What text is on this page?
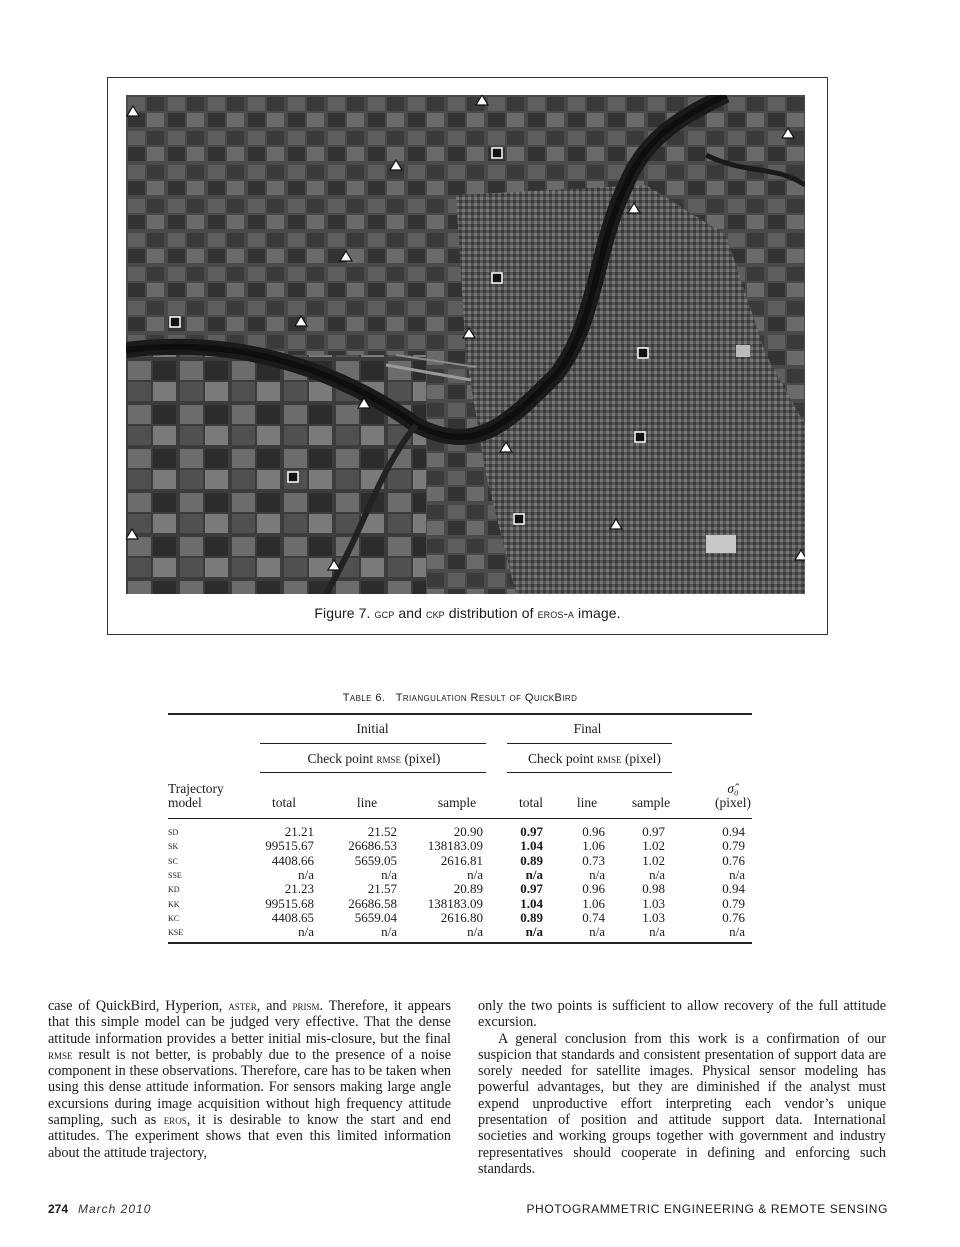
Figure 7. gcp and ckp distribution of eros-a image.
Table 6. Triangulation Result of QuickBird
Initial	Final
Check point rmse (pixel)	Check point rmse (pixel)
Trajectory
model	total	line	sample	total	line	sample
σ̂₀
(pixel)
sd	21.21	21.52	20.90	0.97	0.96	0.97	0.94
sk	99515.67	26686.53	138183.09	1.04	1.06	1.02	0.79
sc	4408.66	5659.05	2616.81	0.89	0.73	1.02	0.76
sse	n/a	n/a	n/a	n/a	n/a	n/a	n/a
kd	21.23	21.57	20.89	0.97	0.96	0.98	0.94
kk	99515.68	26686.58	138183.09	1.04	1.06	1.03	0.79
kc	4408.65	5659.04	2616.80	0.89	0.74	1.03	0.76
kse	n/a	n/a	n/a	n/a	n/a	n/a	n/a

case of QuickBird, Hyperion, aster, and prism. Therefore, it appears that this simple model can be judged very effective. That the dense attitude information provides a better initial mis-closure, but the final rmse result is not better, is probably due to the presence of a noise component in these observations. Therefore, care has to be taken when using this dense attitude information. For sensors making large angle excursions during image acquisition without high frequency attitude sampling, such as eros, it is desirable to know the start and end attitudes. The experiment shows that even this limited information about the attitude trajectory,

only the two points is sufficient to allow recovery of the full attitude excursion.

A general conclusion from this work is a confirmation of our suspicion that standards and consistent presentation of support data are sorely needed for satellite images. Physical sensor modeling has powerful advantages, but they are diminished if the analyst must expend unproductive effort interpreting each vendor’s unique presentation of position and attitude support data. International societies and working groups together with government and industry representatives should cooperate in defining and enforcing such standards.

274 March 2010	PHOTOGRAMMETRIC ENGINEERING & REMOTE SENSING
